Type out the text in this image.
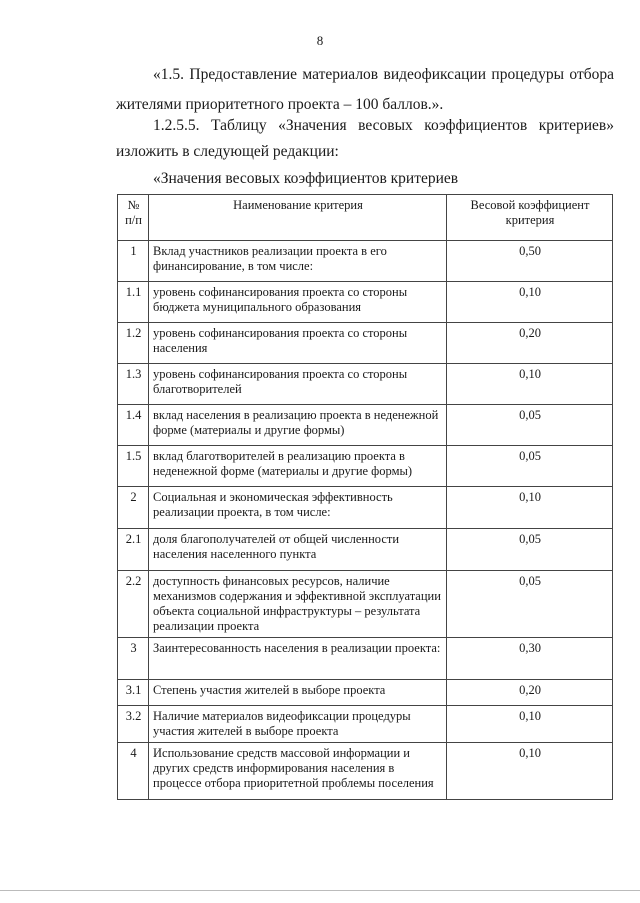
8
«1.5. Предоставление материалов видеофиксации процедуры отбора
жителями приоритетного проекта – 100 баллов.».
1.2.5.5. Таблицу «Значения весовых коэффициентов критериев»
изложить в следующей редакции:
«Значения весовых коэффициентов критериев
№ п/п	Наименование критерия	Весовой коэффициент критерия
1	Вклад участников реализации проекта в его финансирование, в том числе:	0,50
1.1	уровень софинансирования проекта со стороны бюджета муниципального образования	0,10
1.2	уровень софинансирования проекта со стороны населения	0,20
1.3	уровень софинансирования проекта со стороны благотворителей	0,10
1.4	вклад населения в реализацию проекта в неденежной форме (материалы и другие формы)	0,05
1.5	вклад благотворителей в реализацию проекта в неденежной форме (материалы и другие формы)	0,05
2	Социальная и экономическая эффективность реализации проекта, в том числе:	0,10
2.1	доля благополучателей от общей численности населения населенного пункта	0,05
2.2	доступность финансовых ресурсов, наличие механизмов содержания и эффективной эксплуатации объекта социальной инфраструктуры – результата реализации проекта	0,05
3	Заинтересованность населения в реализации проекта:	0,30
3.1	Степень участия жителей в выборе проекта	0,20
3.2	Наличие материалов видеофиксации процедуры участия жителей в выборе проекта	0,10
4	Использование средств массовой информации и других средств информирования населения в процессе отбора приоритетной проблемы поселения	0,10
